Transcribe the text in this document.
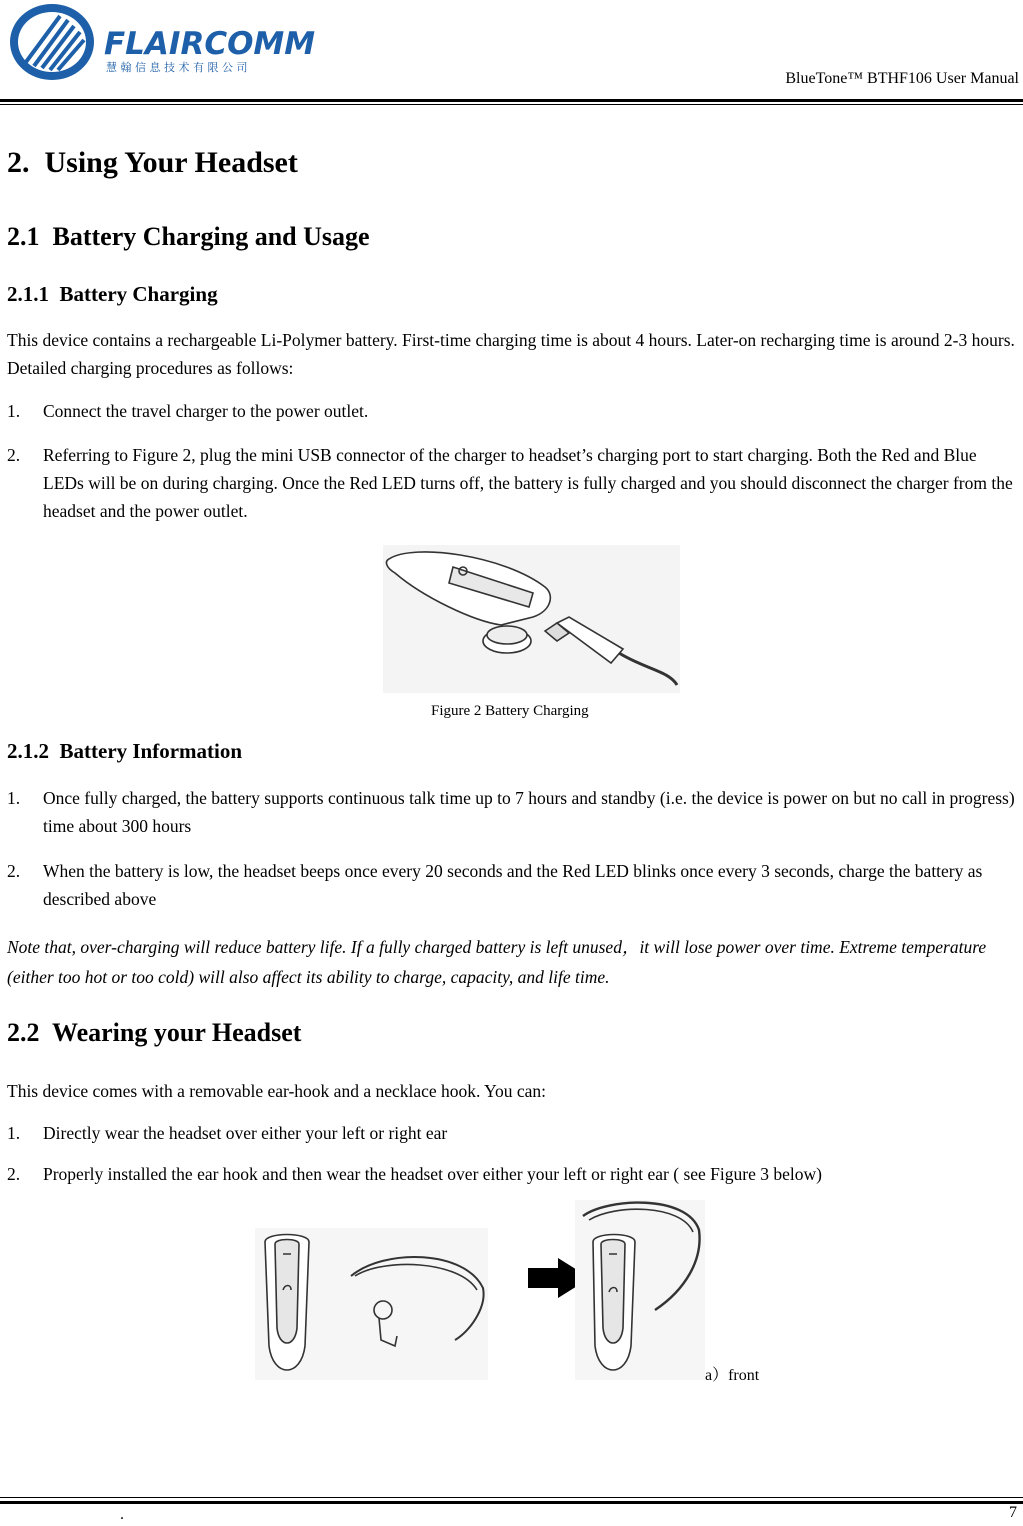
FLAIRCOMM
慧 翰 信 息 技 术 有 限 公 司
BlueTone™ BTHF106 User Manual
2. Using Your Headset
2.1 Battery Charging and Usage
2.1.1 Battery Charging
This device contains a rechargeable Li-Polymer battery. First-time charging time is about 4 hours. Later-on recharging time is around 2-3 hours. Detailed charging procedures as follows:
1. Connect the travel charger to the power outlet.
2. Referring to Figure 2, plug the mini USB connector of the charger to headset’s charging port to start charging. Both the Red and Blue LEDs will be on during charging. Once the Red LED turns off, the battery is fully charged and you should disconnect the charger from the headset and the power outlet.
Figure 2 Battery Charging
2.1.2 Battery Information
1. Once fully charged, the battery supports continuous talk time up to 7 hours and standby (i.e. the device is power on but no call in progress) time about 300 hours
2. When the battery is low, the headset beeps once every 20 seconds and the Red LED blinks once every 3 seconds, charge the battery as described above
Note that, over-charging will reduce battery life. If a fully charged battery is left unused，it will lose power over time. Extreme temperature (either too hot or too cold) will also affect its ability to charge, capacity, and life time.
2.2 Wearing your Headset
This device comes with a removable ear-hook and a necklace hook. You can:
1. Directly wear the headset over either your left or right ear
2. Properly installed the ear hook and then wear the headset over either your left or right ear ( see Figure 3 below)
a）front
.	7
